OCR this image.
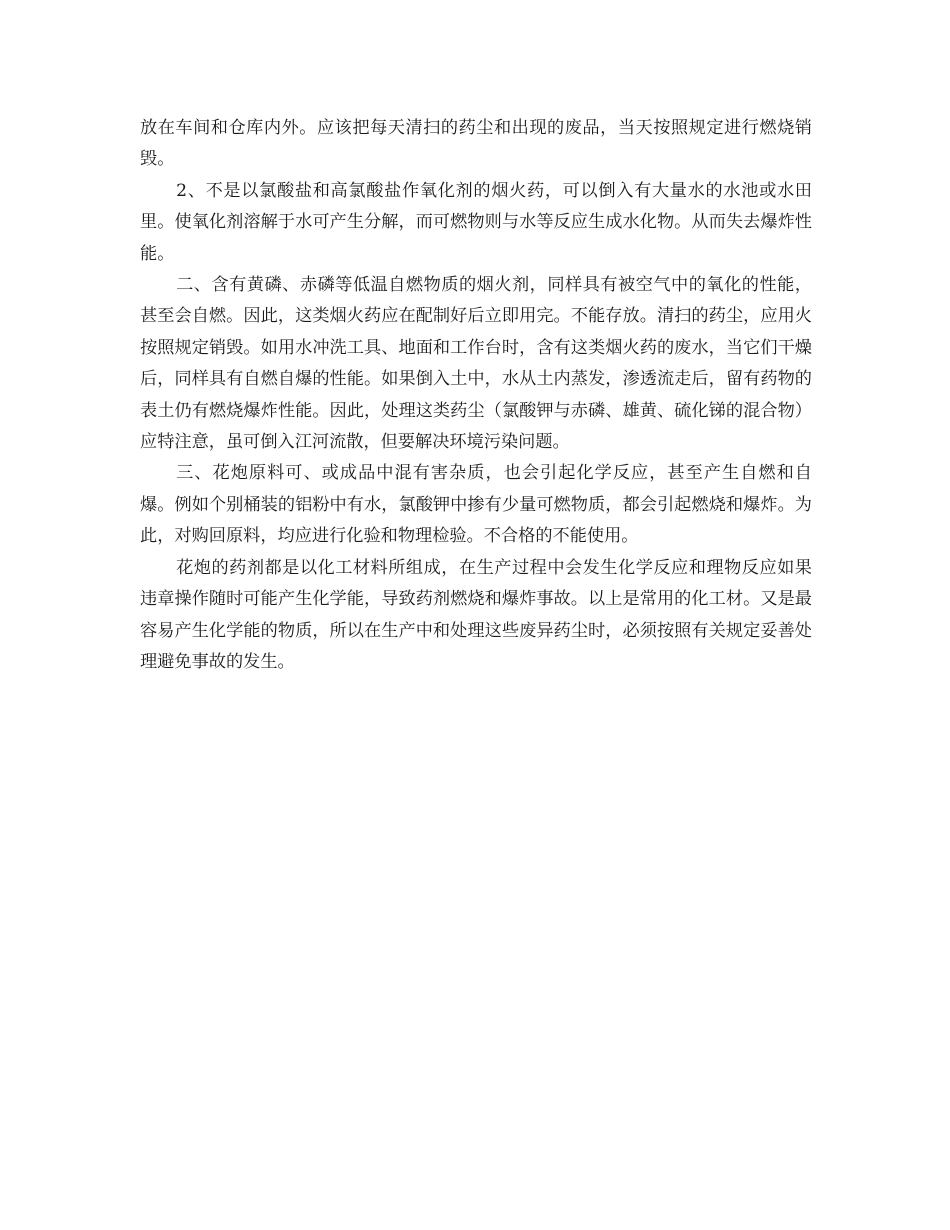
放在车间和仓库内外。应该把每天清扫的药尘和出现的废品，当天按照规定进行燃烧销毁。

2、不是以氯酸盐和高氯酸盐作氧化剂的烟火药，可以倒入有大量水的水池或水田里。使氧化剂溶解于水可产生分解，而可燃物则与水等反应生成水化物。从而失去爆炸性能。

二、含有黄磷、赤磷等低温自燃物质的烟火剂，同样具有被空气中的氧化的性能，甚至会自燃。因此，这类烟火药应在配制好后立即用完。不能存放。清扫的药尘，应用火按照规定销毁。如用水冲洗工具、地面和工作台时，含有这类烟火药的废水，当它们干燥后，同样具有自燃自爆的性能。如果倒入土中，水从土内蒸发，渗透流走后，留有药物的表土仍有燃烧爆炸性能。因此，处理这类药尘（氯酸钾与赤磷、雄黄、硫化锑的混合物）应特注意，虽可倒入江河流散，但要解决环境污染问题。

三、花炮原料可、或成品中混有害杂质，也会引起化学反应，甚至产生自燃和自爆。例如个别桶装的铝粉中有水，氯酸钾中掺有少量可燃物质，都会引起燃烧和爆炸。为此，对购回原料，均应进行化验和物理检验。不合格的不能使用。

花炮的药剂都是以化工材料所组成，在生产过程中会发生化学反应和理物反应如果违章操作随时可能产生化学能，导致药剂燃烧和爆炸事故。以上是常用的化工材。又是最容易产生化学能的物质，所以在生产中和处理这些废异药尘时，必须按照有关规定妥善处理避免事故的发生。
